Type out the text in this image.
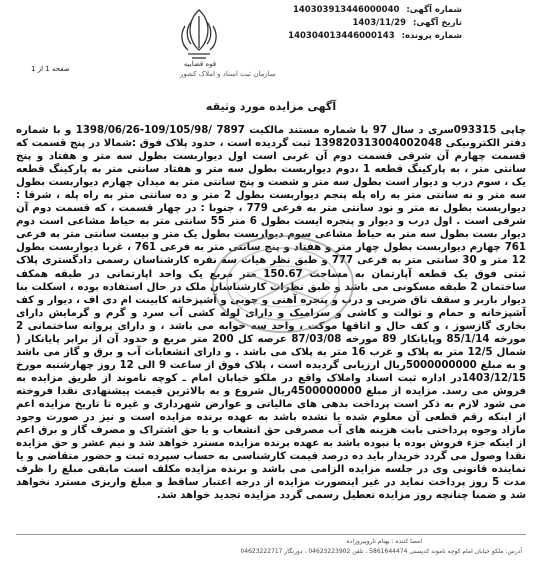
شماره آگهی: 140303913446000040
تاریخ آگهی: 1403/11/29
شماره پرونده: 140304013446000143
قوه قضاییه
سازمان ثبت اسناد و املاک کشور
صفحه 1 از 1
آگهی مزایده مورد وثیقه
چاپی 093315سری د سال 97 با شماره مستند مالکیت 7897 /109/105/98-1398/06/26 و با شماره دفتر الکترونیکی 139820313004002048 ثبت گردیده است ، حدود پلاک فوق :شمالا در پنج قسمت که قسمت چهارم آن شرقی قسمت دوم آن غربی است اول دیواربست بطول سه متر و هفتاد و پنج سانتی متر ، به پارکینگ قطعه 1 ،دوم دیواربست بطول سه متر و هفتاد سانتی متر به پارکینگ قطعه یک ، سوم درب و دیوار است بطول سه متر و شصت و پنج سانتی متر به میدان چهارم دیواربست بطول سه متر و نه سانتی متر به راه پله پنجم دیواربست بطول 2 متر و ده سانتی متر به راه پله ، شرقا : دیواربست بطول نه متر و نود سانتی متر به فرعی 779 ، جنوبا : در چهار قسمت ، که قسمت دوم آن شرقی است . اول درب و دیوار و پنجره ایست بطول 6 متر 55 سانتی متر به حیاط مشاعی است دوم دیوار بست بطول سه متر به حیاط مشاعی سوم دیواربست بطول یک متر و بیست سانتی متر به فرعی 761 چهارم دیواربست بطول چهار متر و هفتاد و پنج سانتی متر به فرعی 761 ، غربا دیواربست بطول 12 متر و 30 سانتی متر به فرعی 777 و طبق نظر هیات سه نفره کارشناسان رسمی دادگستری پلاک ثبتی فوق یک قطعه آپارتمان به مساحت 150.67 متر مربع یک واحد اپارتمانی در طبقه همکف ساختمان 2 طبقه مسکونی می باشد و طبق نظرات کارشناسان ملک در حال استفاده بوده ، اسکلت بنا دیوار باربر و سقف تاق ضربی و درب و پنجره آهنی و چوبی و آشپزخانه کابینت ام دی اف ، دیوار و کف آشپزخانه و حمام و توالت و کاشی و سرامیک و دارای لوله کشی آب سرد و گرم و گرمایش دارای بخاری گازسوز ، و کف حال و اتاقها موکت ، واحد سه خوابه می باشد ، و دارای پروانه ساختمانی 2 مورخه 85/1/14 وپایانکار 89 مورخه 87/03/08 عرصه کل 200 متر مربع و حدود آن از برابر پایانکار ( شمال 12/5 متر به پلاک و غرب 16 متر به پلاک می باشد . و دارای انشعابات آب و برق و گاز می باشد و به مبلغ 5000000000ریال ارزیابی گردیده است ، پلاک فوق از ساعت 9 الی 12 روز چهارشنبه مورخ 1403/12/15در اداره ثبت اسناد واملاک واقع در ملکو خیابان امام ـ کوچه ناموند از طریق مزایده به فروش می رسد. مزایده از مبلغ 4500000000ریال شروع و به بالاترین قیمت پیشنهادی نقدا فروخته می شود لازم به ذکر است پرداخت بدهی های مالیاتی و عوارض شهرداری و غیره تا تاریخ مزایده اعم از اینکه رقم قطعی آن معلوم شده یا نشده باشد به عهده برنده مزایده است و نیز در صورت وجود مازاد وجوه پرداختی بابت هزینه های آب مصرفی حق انشعاب و یا حق اشتراک و مصرف گاز و برق اعم از اینکه جزء فروش بوده یا نبوده باشد به عهده برنده مزایده مسترد خواهد شد و نیم عشر و حق مزایده نقدا وصول می گردد خریدار باید ده درصد قیمت کارشناسی به حساب سپرده ثبت و حضور متقاضی و یا نماینده قانونی وی در جلسه مزایده الزامی می باشد و برنده مزایده مکلف است مابقی مبلغ را ظرف مدت 5 روز پرداخت نماید در غیر اینصورت مزایده از درجه اعتبار ساقط و مبلغ واریزی مسترد نخواهد شد و ضمنا چنانچه روز مزایده تعطیل رسمی گردد مزایده تجدید خواهد شد.
امضا کننده : بهنام تاروپیروزاده
آدرس: ملکو خیابان امام کوچه ناموند کدپستی 5861644474 ، تلفن 04623223902 ، دورنگار 04623222717
